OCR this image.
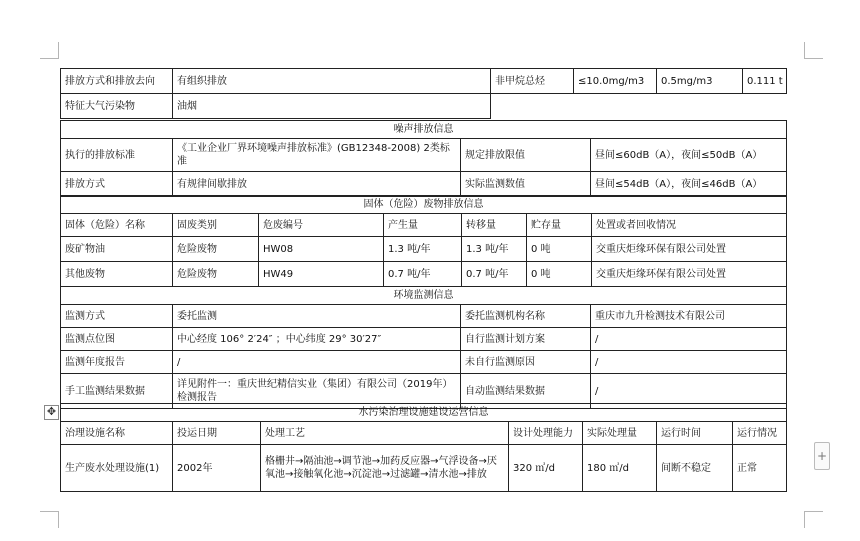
排放方式和排放去向	有组织排放	非甲烷总烃	≤10.0mg/m3	0.5mg/m3	0.111 t
特征大气污染物	油烟				
噪声排放信息			
执行的排放标准	《工业企业厂界环境噪声排放标准》(GB12348-2008) 2类标准	规定排放限值	昼间≤60dB（A），夜间≤50dB（A）
排放方式	有规律间歇排放	实际监测数值	昼间≤54dB（A），夜间≤46dB（A）
固体（危险）废物排放信息						
固体（危险）名称	固废类别	危废编号	产生量	转移量	贮存量	处置或者回收情况
废矿物油	危险废物	HW08	1.3 吨/年	1.3 吨/年	0 吨	交重庆炬缘环保有限公司处置
其他废物	危险废物	HW49	0.7 吨/年	0.7 吨/年	0 吨	交重庆炬缘环保有限公司处置
环境监测信息			
监测方式	委托监测	委托监测机构名称	重庆市九升检测技术有限公司
监测点位图	中心经度 106° 2′24″ ；中心纬度 29° 30′27″	自行监测计划方案	/
监测年度报告	/	未自行监测原因	/
手工监测结果数据	详见附件一：重庆世纪精信实业（集团）有限公司（2019年）检测报告	自动监测结果数据	/
水污染治理设施建设运营信息						
治理设施名称	投运日期	处理工艺	设计处理能力	实际处理量	运行时间	运行情况
生产废水处理设施(1)	2002年	格栅井→隔油池→调节池→加药反应器→气浮设备→厌氧池→接触氧化池→沉淀池→过滤罐→清水池→排放	320 ㎥/d	180 ㎥/d	间断不稳定	正常
✥
+
